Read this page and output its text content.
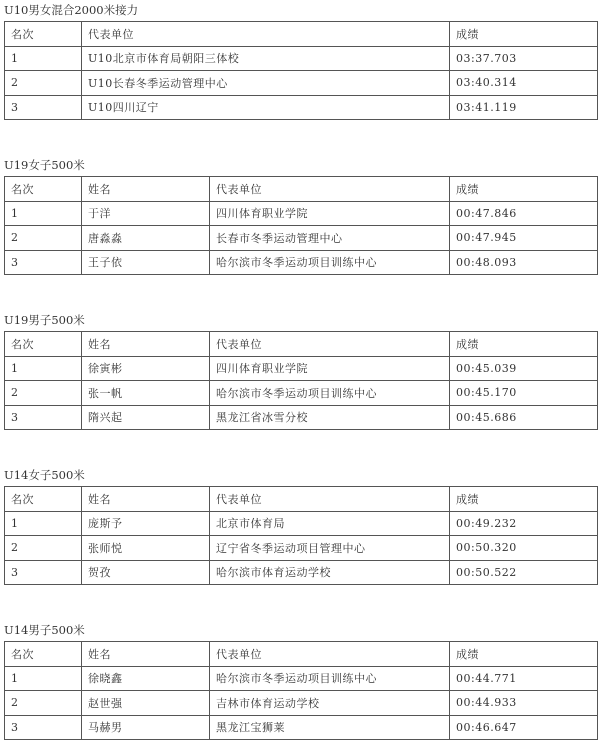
U10男女混合2000米接力
名次	代表单位	成绩
1	U10北京市体育局朝阳三体校	03:37.703
2	U10长春冬季运动管理中心	03:40.314
3	U10四川辽宁	03:41.119
U19女子500米
名次	姓名	代表单位	成绩
1	于洋	四川体育职业学院	00:47.846
2	唐淼淼	长春市冬季运动管理中心	00:47.945
3	王子依	哈尔滨市冬季运动项目训练中心	00:48.093
U19男子500米
名次	姓名	代表单位	成绩
1	徐寅彬	四川体育职业学院	00:45.039
2	张一帆	哈尔滨市冬季运动项目训练中心	00:45.170
3	隋兴起	黑龙江省冰雪分校	00:45.686
U14女子500米
名次	姓名	代表单位	成绩
1	庞斯予	北京市体育局	00:49.232
2	张师悦	辽宁省冬季运动项目管理中心	00:50.320
3	贺孜	哈尔滨市体育运动学校	00:50.522
U14男子500米
名次	姓名	代表单位	成绩
1	徐晓鑫	哈尔滨市冬季运动项目训练中心	00:44.771
2	赵世强	吉林市体育运动学校	00:44.933
3	马赫男	黑龙江宝狮莱	00:46.647
